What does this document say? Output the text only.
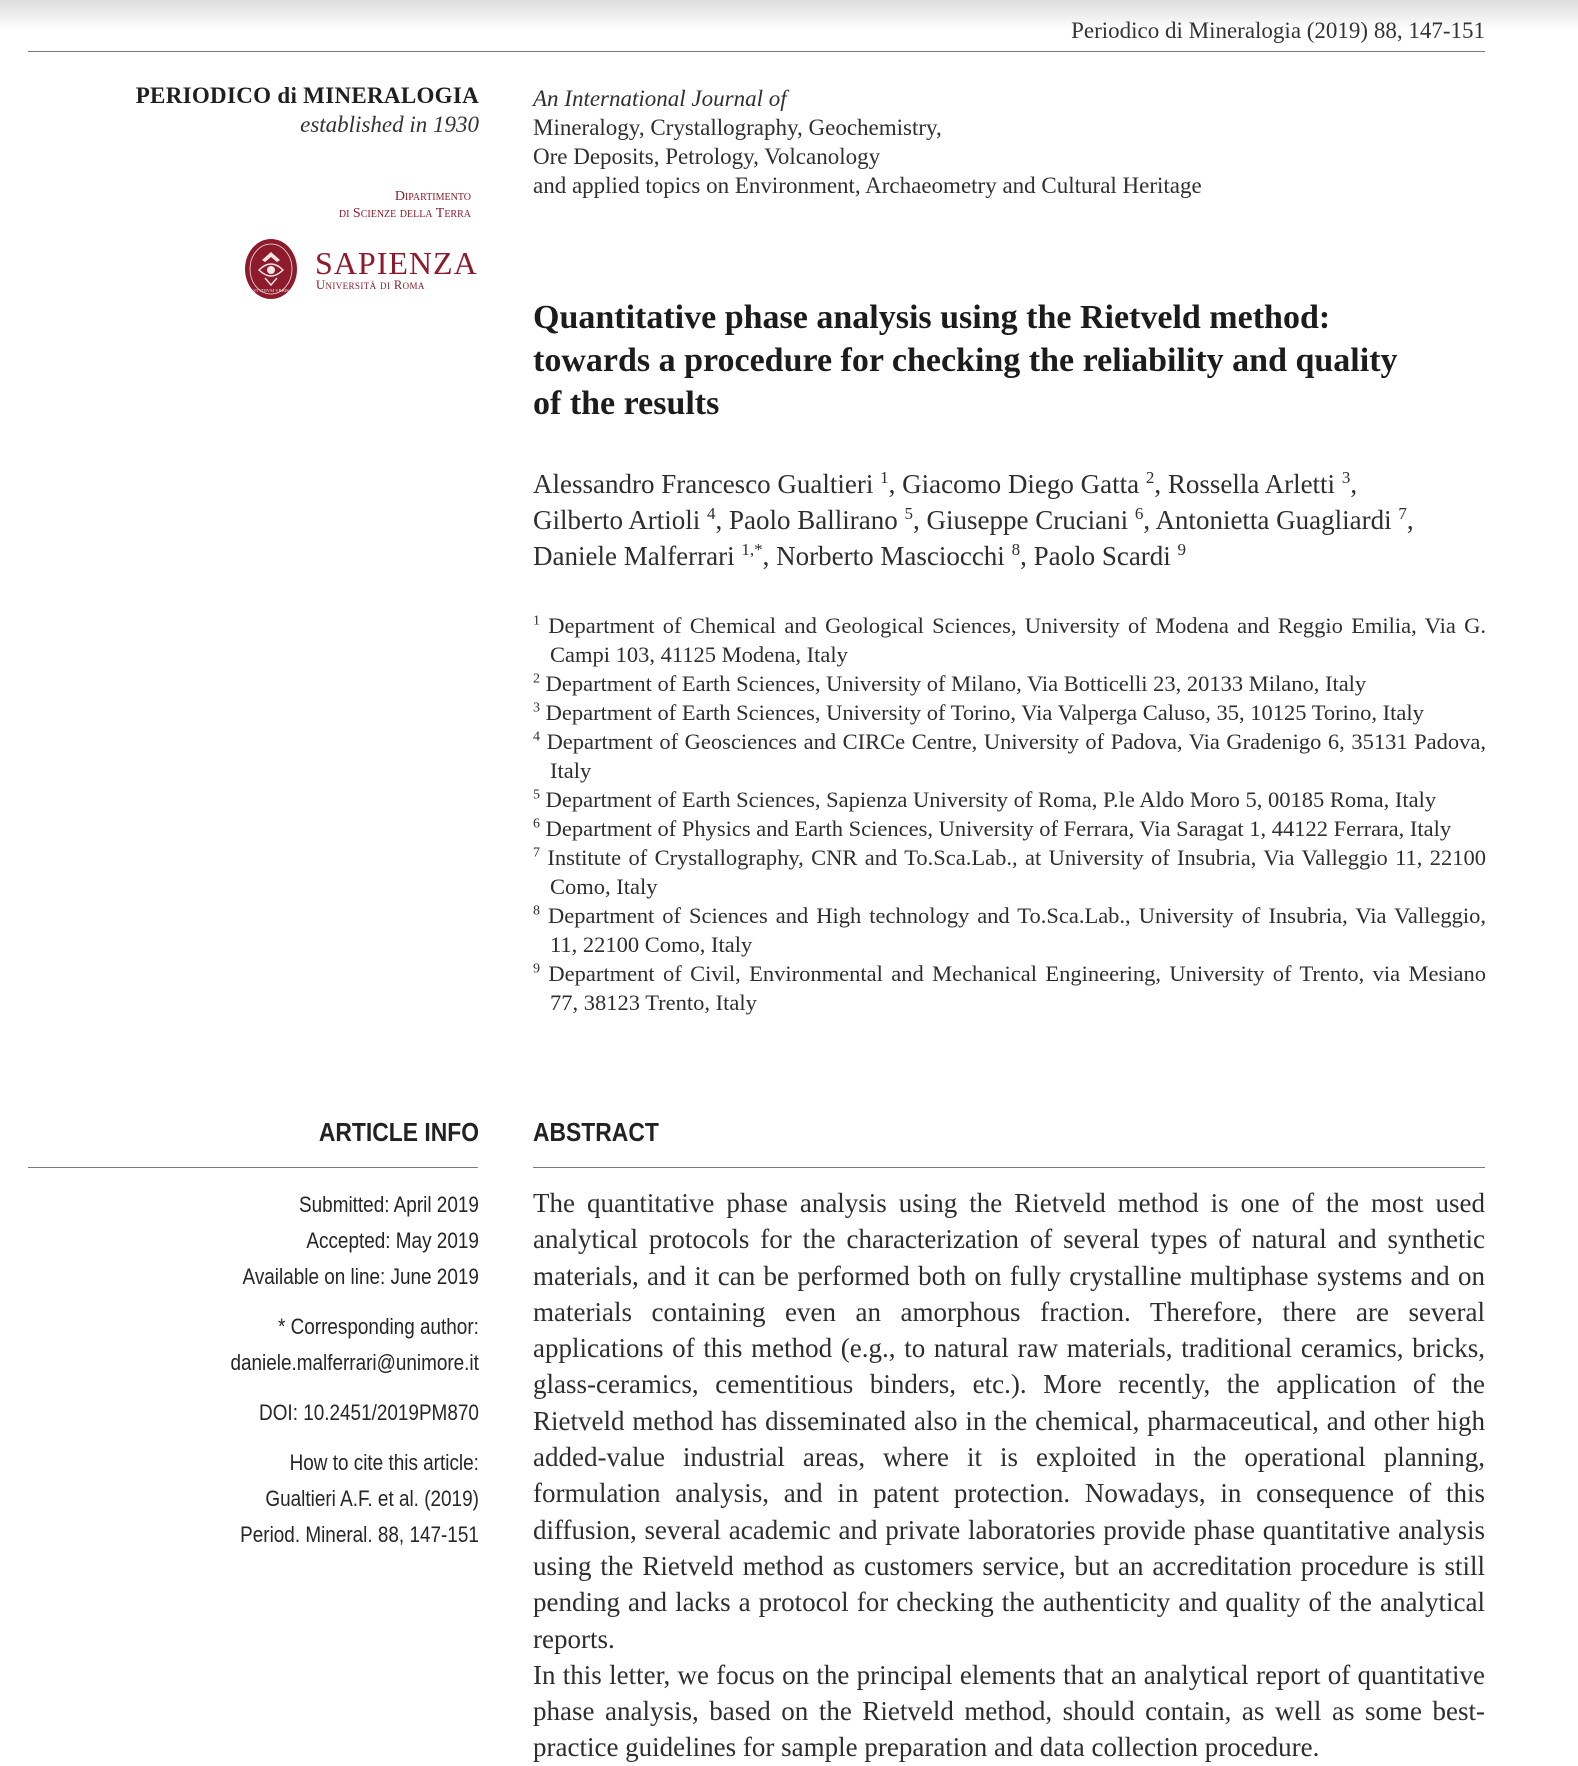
Periodico di Mineralogia (2019) 88, 147-151
PERIODICO di MINERALOGIA
established in 1930
Dipartimento
di Scienze della Terra
STVDIVM VRBIS
SAPIENZA
Università di Roma
An International Journal of
Mineralogy, Crystallography, Geochemistry,
Ore Deposits, Petrology, Volcanology
and applied topics on Environment, Archaeometry and Cultural Heritage
Quantitative phase analysis using the Rietveld method:
towards a procedure for checking the reliability and quality
of the results
Alessandro Francesco Gualtieri $^1$, Giacomo Diego Gatta $^2$, Rossella Arletti $^3$,
Gilberto Artioli $^4$, Paolo Ballirano $^5$, Giuseppe Cruciani $^6$, Antonietta Guagliardi $^7$,
Daniele Malferrari $^{1,*}$, Norberto Masciocchi $^8$, Paolo Scardi $^9$
$^1$ Department of Chemical and Geological Sciences, University of Modena and Reggio Emilia, Via G. Campi 103, 41125 Modena, Italy
$^2$ Department of Earth Sciences, University of Milano, Via Botticelli 23, 20133 Milano, Italy
$^3$ Department of Earth Sciences, University of Torino, Via Valperga Caluso, 35, 10125 Torino, Italy
$^4$ Department of Geosciences and CIRCe Centre, University of Padova, Via Gradenigo 6, 35131 Padova, Italy
$^5$ Department of Earth Sciences, Sapienza University of Roma, P.le Aldo Moro 5, 00185 Roma, Italy
$^6$ Department of Physics and Earth Sciences, University of Ferrara, Via Saragat 1, 44122 Ferrara, Italy
$^7$ Institute of Crystallography, CNR and To.Sca.Lab., at University of Insubria, Via Valleggio 11, 22100 Como, Italy
$^8$ Department of Sciences and High technology and To.Sca.Lab., University of Insubria, Via Valleggio, 11, 22100 Como, Italy
$^9$ Department of Civil, Environmental and Mechanical Engineering, University of Trento, via Mesiano 77, 38123 Trento, Italy
ARTICLE INFO
Submitted: April 2019
Accepted: May 2019
Available on line: June 2019
* Corresponding author:
daniele.malferrari@unimore.it
DOI: 10.2451/2019PM870
How to cite this article:
Gualtieri A.F. et al. (2019)
Period. Mineral. 88, 147-151
ABSTRACT

The quantitative phase analysis using the Rietveld method is one of the most used analytical protocols for the characterization of several types of natural and synthetic materials, and it can be performed both on fully crystalline multiphase systems and on materials containing even an amorphous fraction. Therefore, there are several applications of this method (e.g., to natural raw materials, traditional ceramics, bricks, glass-ceramics, cementitious binders, etc.). More recently, the application of the Rietveld method has disseminated also in the chemical, pharmaceutical, and other high added-value industrial areas, where it is exploited in the operational planning, formulation analysis, and in patent protection. Nowadays, in consequence of this diffusion, several academic and private laboratories provide phase quantitative analysis using the Rietveld method as customers service, but an accreditation procedure is still pending and lacks a protocol for checking the authenticity and quality of the analytical reports.

In this letter, we focus on the principal elements that an analytical report of quantitative phase analysis, based on the Rietveld method, should contain, as well as some best-practice guidelines for sample preparation and data collection procedure.
